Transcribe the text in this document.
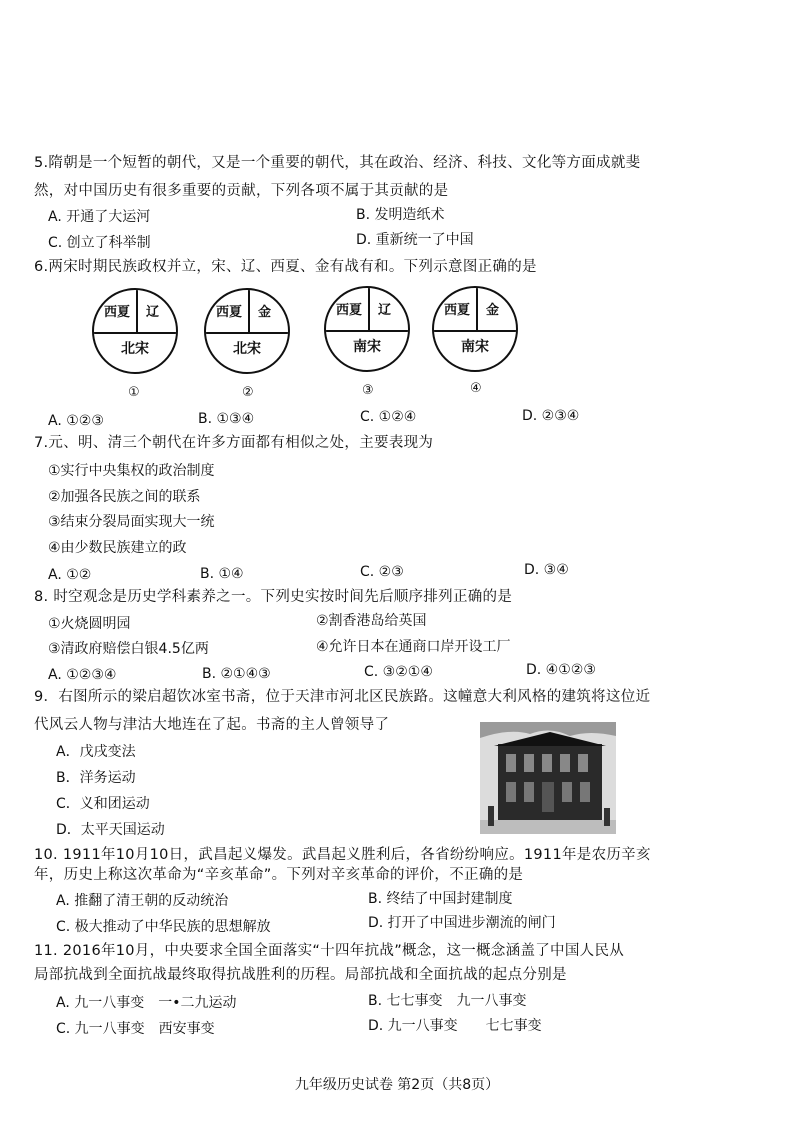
5.隋朝是一个短暂的朝代，又是一个重要的朝代，其在政治、经济、科技、文化等方面成就斐
然，对中国历史有很多重要的贡献，下列各项不属于其贡献的是
A. 开通了大运河	B. 发明造纸术
C. 创立了科举制	D. 重新统一了中国
6.两宋时期民族政权并立，宋、辽、西夏、金有战有和。下列示意图正确的是
西夏 辽
北宋
①
西夏 金
北宋
②
西夏 辽
南宋
③
西夏 金
南宋
④
A. ①②③	B. ①③④	C. ①②④	D. ②③④
7.元、明、清三个朝代在许多方面都有相似之处，主要表现为
①实行中央集权的政治制度
②加强各民族之间的联系
③结束分裂局面实现大一统
④由少数民族建立的政
A. ①②	B. ①④	C. ②③	D. ③④
8. 时空观念是历史学科素养之一。下列史实按时间先后顺序排列正确的是
①火烧圆明园	②割香港岛给英国
③清政府赔偿白银4.5亿两	④允许日本在通商口岸开设工厂
A. ①②③④	B. ②①④③	C. ③②①④	D. ④①②③
9．右图所示的梁启超饮冰室书斋，位于天津市河北区民族路。这幢意大利风格的建筑将这位近
代风云人物与津沽大地连在了起。书斋的主人曾领导了
A．戊戌变法
B．洋务运动
C．义和团运动
D．太平天国运动
10. 1911年10月10日，武昌起义爆发。武昌起义胜利后，各省纷纷响应。1911年是农历辛亥
年，历史上称这次革命为“辛亥革命”。下列对辛亥革命的评价，不正确的是
A. 推翻了清王朝的反动统治	B. 终结了中国封建制度
C. 极大推动了中华民族的思想解放	D. 打开了中国进步潮流的闸门
11. 2016年10月，中央要求全国全面落实“十四年抗战”概念，这一概念涵盖了中国人民从
局部抗战到全面抗战最终取得抗战胜利的历程。局部抗战和全面抗战的起点分别是
A. 九一八事变　一•二九运动	B. 七七事变　九一八事变
C. 九一八事变　西安事变	D. 九一八事变　　七七事变
九年级历史试卷 第2页（共8页）
